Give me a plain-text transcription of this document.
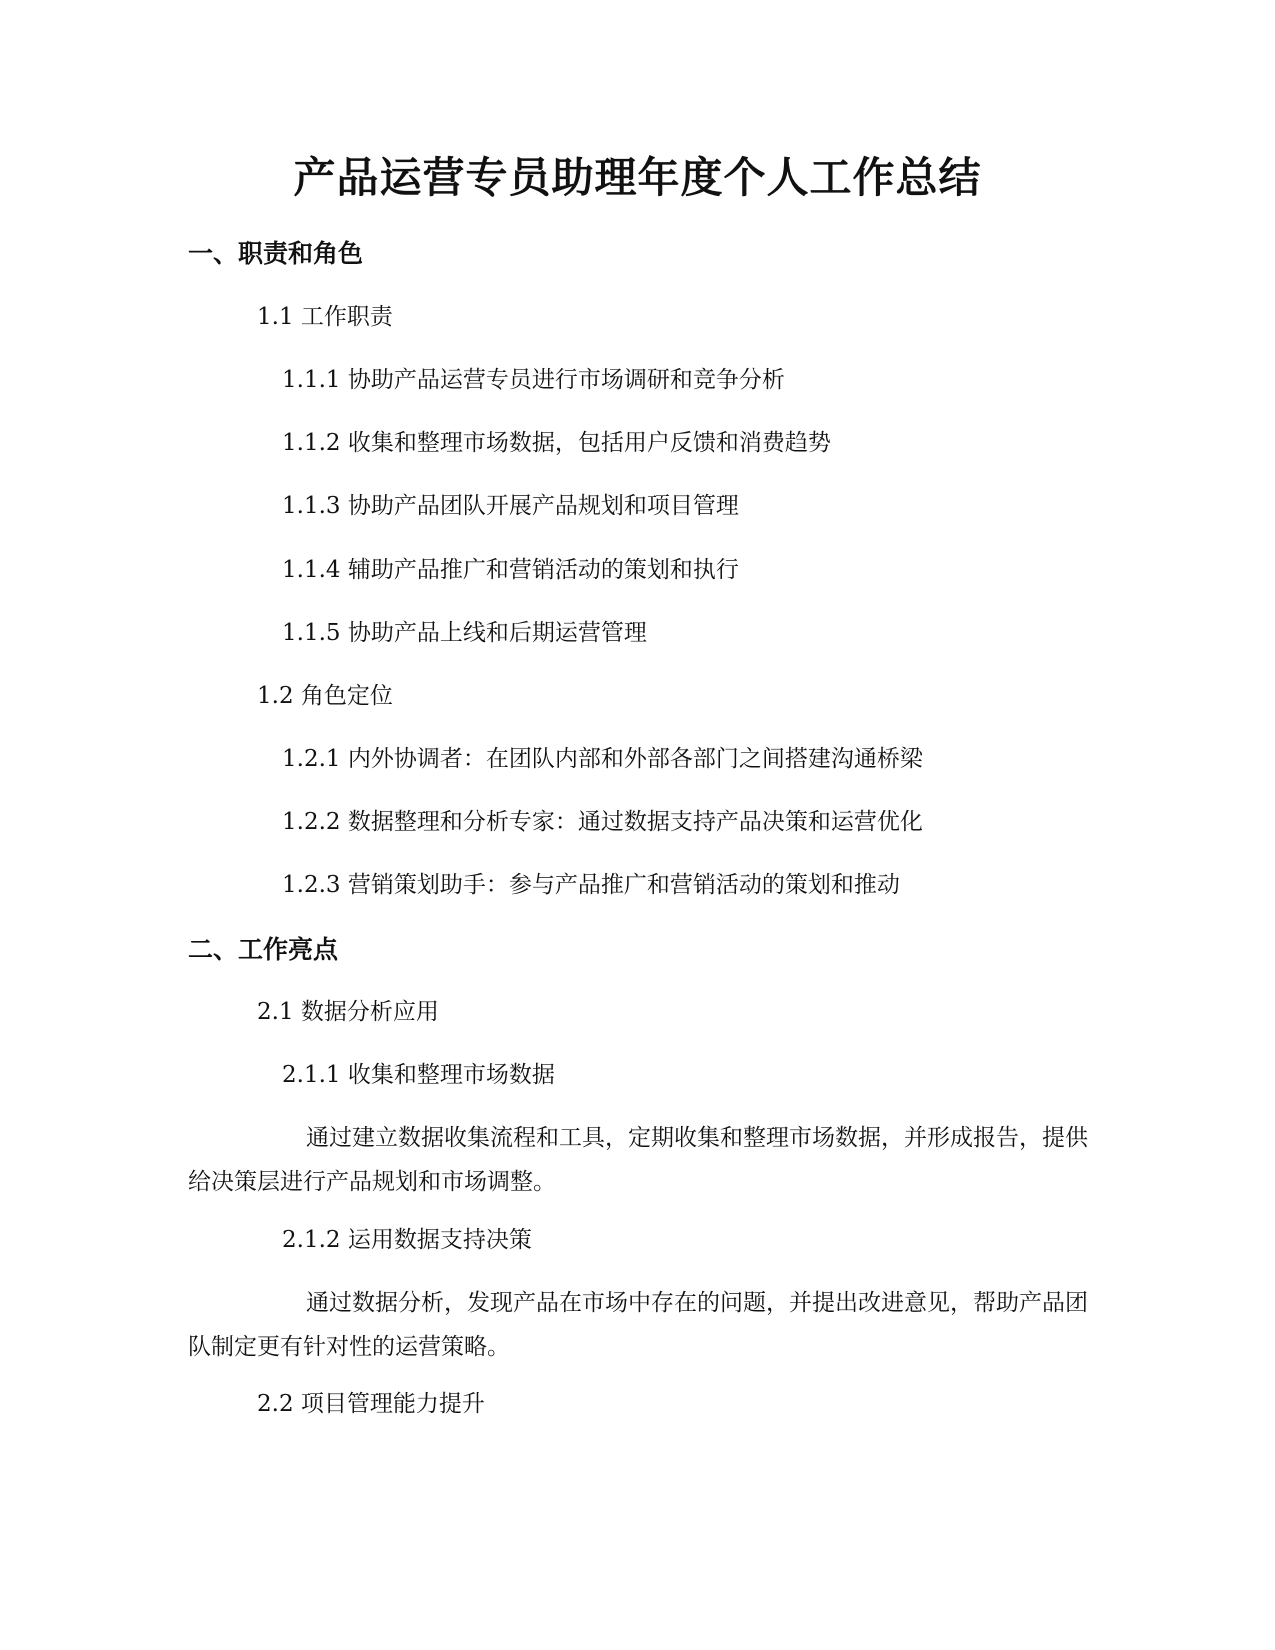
产品运营专员助理年度个人工作总结
一、职责和角色
1.1 工作职责
1.1.1 协助产品运营专员进行市场调研和竞争分析
1.1.2 收集和整理市场数据，包括用户反馈和消费趋势
1.1.3 协助产品团队开展产品规划和项目管理
1.1.4 辅助产品推广和营销活动的策划和执行
1.1.5 协助产品上线和后期运营管理
1.2 角色定位
1.2.1 内外协调者：在团队内部和外部各部门之间搭建沟通桥梁
1.2.2 数据整理和分析专家：通过数据支持产品决策和运营优化
1.2.3 营销策划助手：参与产品推广和营销活动的策划和推动
二、工作亮点
2.1 数据分析应用
2.1.1 收集和整理市场数据
通过建立数据收集流程和工具，定期收集和整理市场数据，并形成报告，提供给决策层进行产品规划和市场调整。
2.1.2 运用数据支持决策
通过数据分析，发现产品在市场中存在的问题，并提出改进意见，帮助产品团队制定更有针对性的运营策略。
2.2 项目管理能力提升
